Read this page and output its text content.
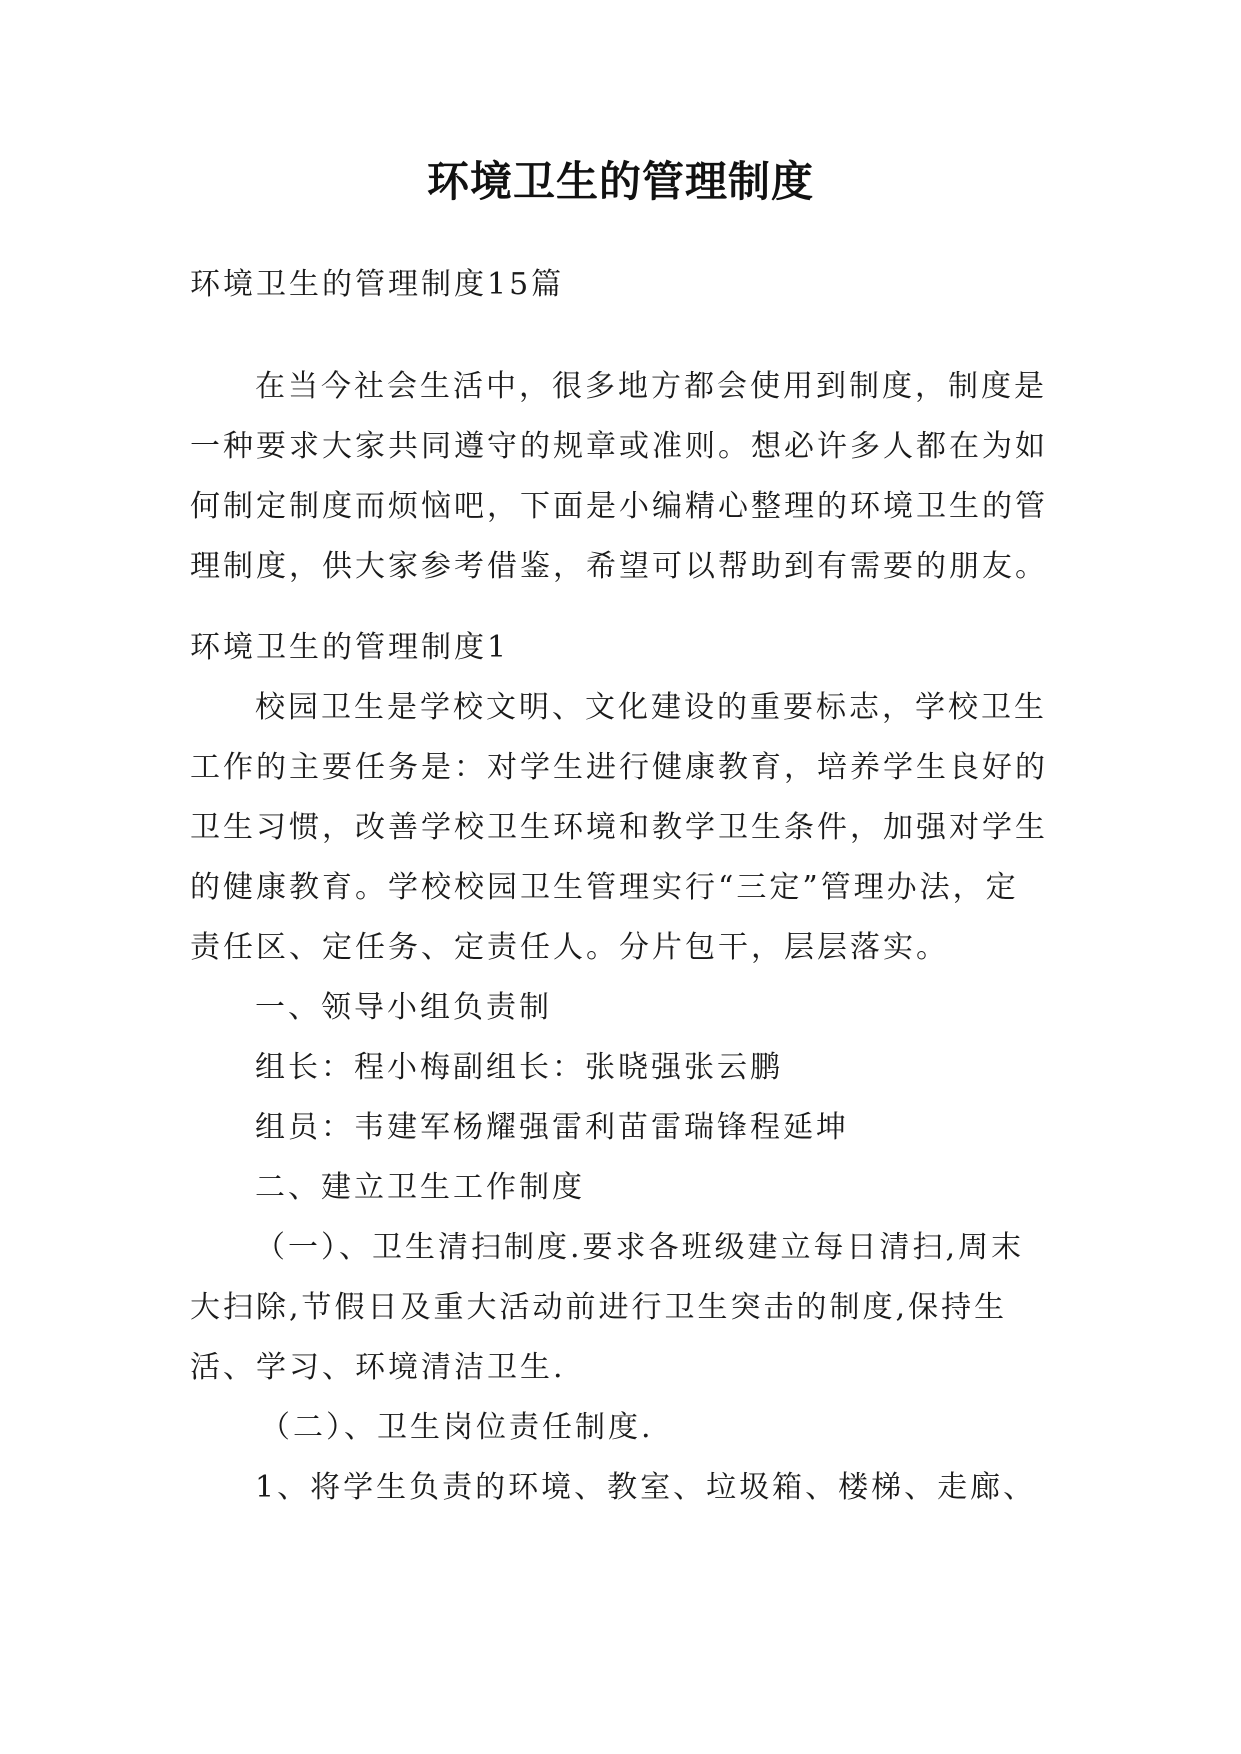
环境卫生的管理制度
环境卫生的管理制度15篇
在当今社会生活中，很多地方都会使用到制度，制度是
一种要求大家共同遵守的规章或准则。想必许多人都在为如
何制定制度而烦恼吧，下面是小编精心整理的环境卫生的管
理制度，供大家参考借鉴，希望可以帮助到有需要的朋友。
环境卫生的管理制度1
校园卫生是学校文明、文化建设的重要标志，学校卫生
工作的主要任务是：对学生进行健康教育，培养学生良好的
卫生习惯，改善学校卫生环境和教学卫生条件，加强对学生
的健康教育。学校校园卫生管理实行“三定”管理办法，定
责任区、定任务、定责任人。分片包干，层层落实。
一、领导小组负责制
组长：程小梅副组长：张晓强张云鹏
组员：韦建军杨耀强雷利苗雷瑞锋程延坤
二、建立卫生工作制度
（一）、卫生清扫制度.要求各班级建立每日清扫,周末
大扫除,节假日及重大活动前进行卫生突击的制度,保持生
活、学习、环境清洁卫生.
（二）、卫生岗位责任制度.
1、将学生负责的环境、教室、垃圾箱、楼梯、走廊、
